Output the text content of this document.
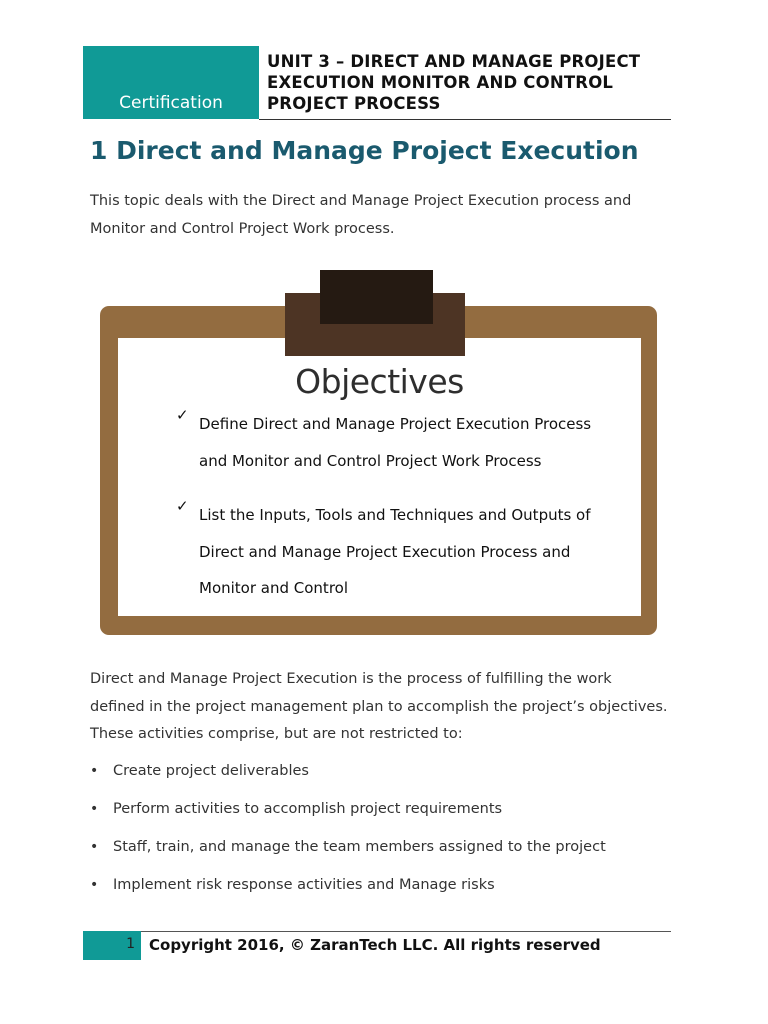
Certification
UNIT 3 – DIRECT AND MANAGE PROJECT EXECUTION MONITOR AND CONTROL PROJECT PROCESS
1 Direct and Manage Project Execution

This topic deals with the Direct and Manage Project Execution process and Monitor and Control Project Work process.

Objectives
✓ Define Direct and Manage Project Execution Process and Monitor and Control Project Work Process

✓ List the Inputs, Tools and Techniques and Outputs of Direct and Manage Project Execution Process and Monitor and Control

Direct and Manage Project Execution is the process of fulfilling the work defined in the project management plan to accomplish the project’s objectives. These activities comprise, but are not restricted to:

• Create project deliverables
• Perform activities to accomplish project requirements
• Staff, train, and manage the team members assigned to the project
• Implement risk response activities and Manage risks
1 Copyright 2016, © ZaranTech LLC. All rights reserved
